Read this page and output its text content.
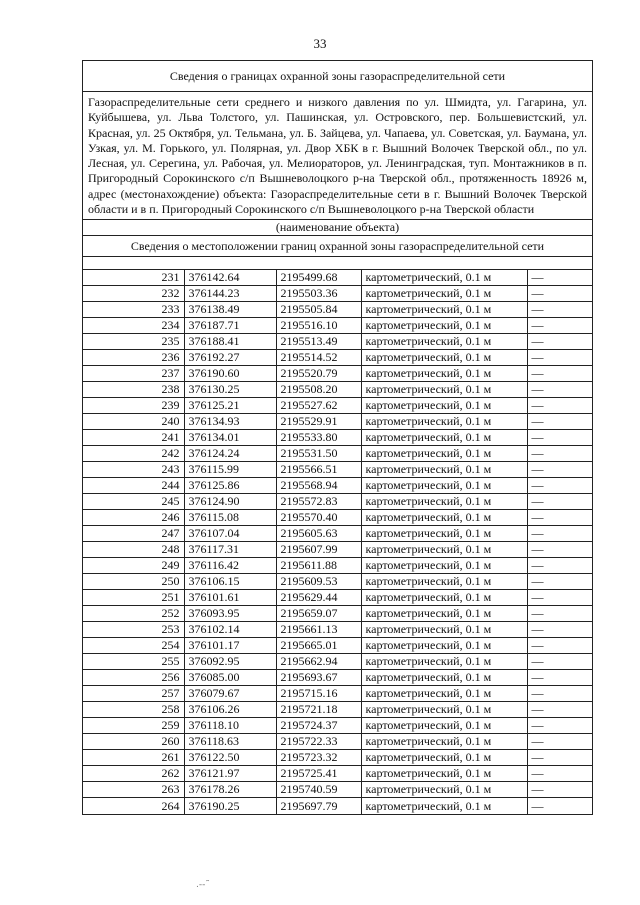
33
Сведения о границах охранной зоны газораспределительной сети
Газораспределительные сети среднего и низкого давления по ул. Шмидта, ул. Гагарина, ул. Куйбышева, ул. Льва Толстого, ул. Пашинская, ул. Островского, пер. Большевистский, ул. Красная, ул. 25 Октября, ул. Тельмана, ул. Б. Зайцева, ул. Чапаева, ул. Советская, ул. Баумана, ул. Узкая, ул. М. Горького, ул. Полярная, ул. Двор ХБК в г. Вышний Волочек Тверской обл., по ул. Лесная, ул. Серегина, ул. Рабочая, ул. Мелиораторов, ул. Ленинградская, туп. Монтажников в п. Пригородный Сорокинского с/п Вышневолоцкого р-на Тверской обл., протяженность 18926 м, адрес (местонахождение) объекта: Газораспределительные сети в г. Вышний Волочек Тверской области и в п. Пригородный Сорокинского с/п Вышневолоцкого р-на Тверской области
(наименование объекта)
Сведения о местоположении границ охранной зоны газораспределительной сети
231	376142.64	2195499.68	картометрический, 0.1 м	—
232	376144.23	2195503.36	картометрический, 0.1 м	—
233	376138.49	2195505.84	картометрический, 0.1 м	—
234	376187.71	2195516.10	картометрический, 0.1 м	—
235	376188.41	2195513.49	картометрический, 0.1 м	—
236	376192.27	2195514.52	картометрический, 0.1 м	—
237	376190.60	2195520.79	картометрический, 0.1 м	—
238	376130.25	2195508.20	картометрический, 0.1 м	—
239	376125.21	2195527.62	картометрический, 0.1 м	—
240	376134.93	2195529.91	картометрический, 0.1 м	—
241	376134.01	2195533.80	картометрический, 0.1 м	—
242	376124.24	2195531.50	картометрический, 0.1 м	—
243	376115.99	2195566.51	картометрический, 0.1 м	—
244	376125.86	2195568.94	картометрический, 0.1 м	—
245	376124.90	2195572.83	картометрический, 0.1 м	—
246	376115.08	2195570.40	картометрический, 0.1 м	—
247	376107.04	2195605.63	картометрический, 0.1 м	—
248	376117.31	2195607.99	картометрический, 0.1 м	—
249	376116.42	2195611.88	картометрический, 0.1 м	—
250	376106.15	2195609.53	картометрический, 0.1 м	—
251	376101.61	2195629.44	картометрический, 0.1 м	—
252	376093.95	2195659.07	картометрический, 0.1 м	—
253	376102.14	2195661.13	картометрический, 0.1 м	—
254	376101.17	2195665.01	картометрический, 0.1 м	—
255	376092.95	2195662.94	картометрический, 0.1 м	—
256	376085.00	2195693.67	картометрический, 0.1 м	—
257	376079.67	2195715.16	картометрический, 0.1 м	—
258	376106.26	2195721.18	картометрический, 0.1 м	—
259	376118.10	2195724.37	картометрический, 0.1 м	—
260	376118.63	2195722.33	картометрический, 0.1 м	—
261	376122.50	2195723.32	картометрический, 0.1 м	—
262	376121.97	2195725.41	картометрический, 0.1 м	—
263	376178.26	2195740.59	картометрический, 0.1 м	—
264	376190.25	2195697.79	картометрический, 0.1 м	—
.-‑˜
